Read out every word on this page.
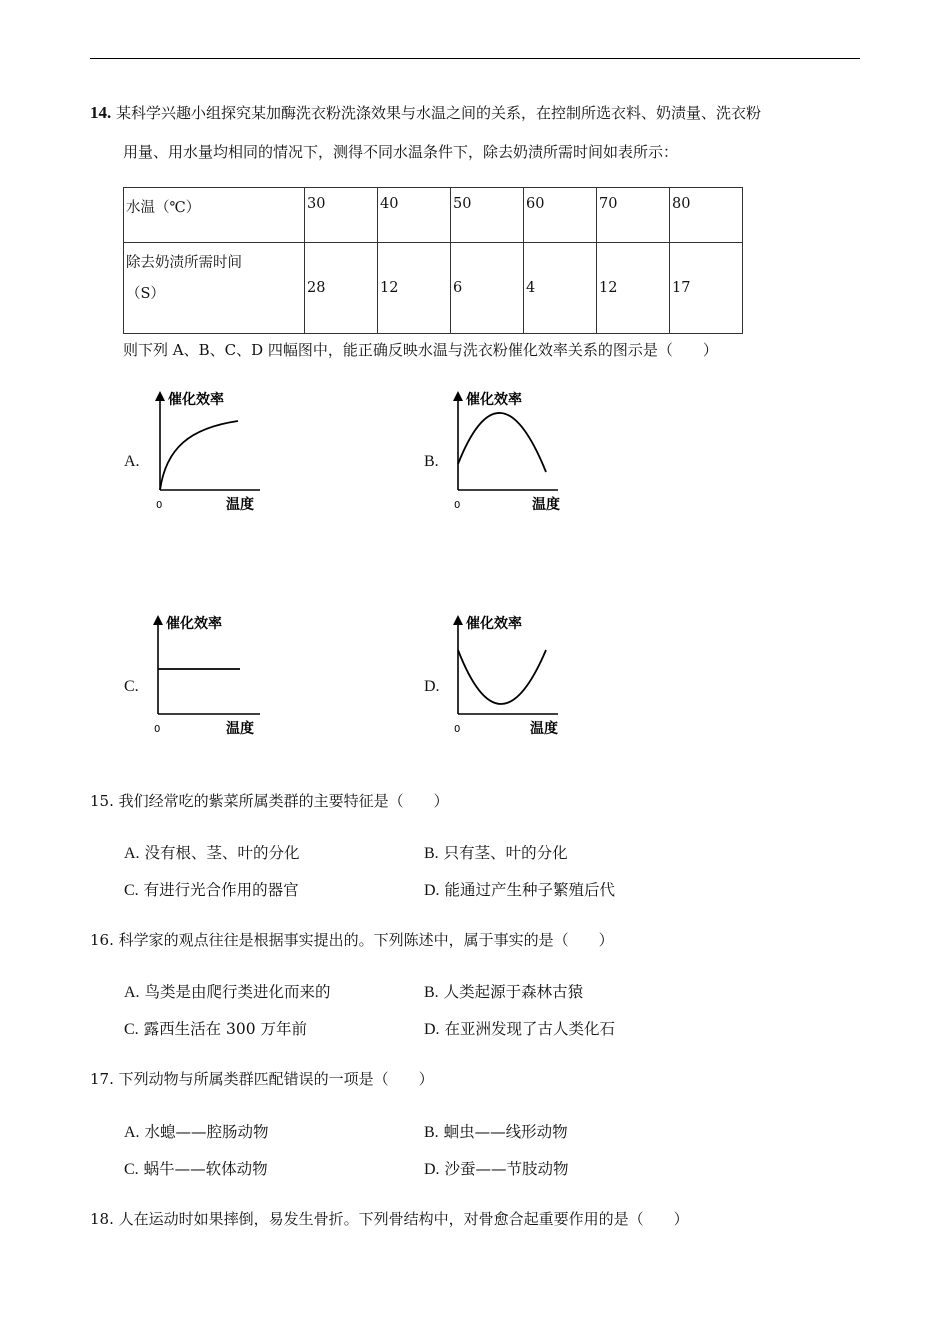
14. 某科学兴趣小组探究某加酶洗衣粉洗涤效果与水温之间的关系，在控制所选衣料、奶渍量、洗衣粉
用量、用水量均相同的情况下，测得不同水温条件下，除去奶渍所需时间如表所示：
水温（℃）	30	40	50	60	70	80

除去奶渍所需时间
（S）	28	12	6	4	12	17
则下列 A、B、C、D 四幅图中，能正确反映水温与洗衣粉催化效率关系的图示是（　　）
A.
催化效率
0	温度
B.
催化效率
0	温度
C.
催化效率
0	温度
D.
催化效率
0	温度
15. 我们经常吃的紫菜所属类群的主要特征是（　　）
A. 没有根、茎、叶的分化	B. 只有茎、叶的分化
C. 有进行光合作用的器官	D. 能通过产生种子繁殖后代
16. 科学家的观点往往是根据事实提出的。下列陈述中，属于事实的是（　　）
A. 鸟类是由爬行类进化而来的	B. 人类起源于森林古猿
C. 露西生活在 300 万年前	D. 在亚洲发现了古人类化石
17. 下列动物与所属类群匹配错误的一项是（　　）
A. 水螅——腔肠动物	B. 蛔虫——线形动物
C. 蜗牛——软体动物	D. 沙蚕——节肢动物
18. 人在运动时如果摔倒，易发生骨折。下列骨结构中，对骨愈合起重要作用的是（　　）
